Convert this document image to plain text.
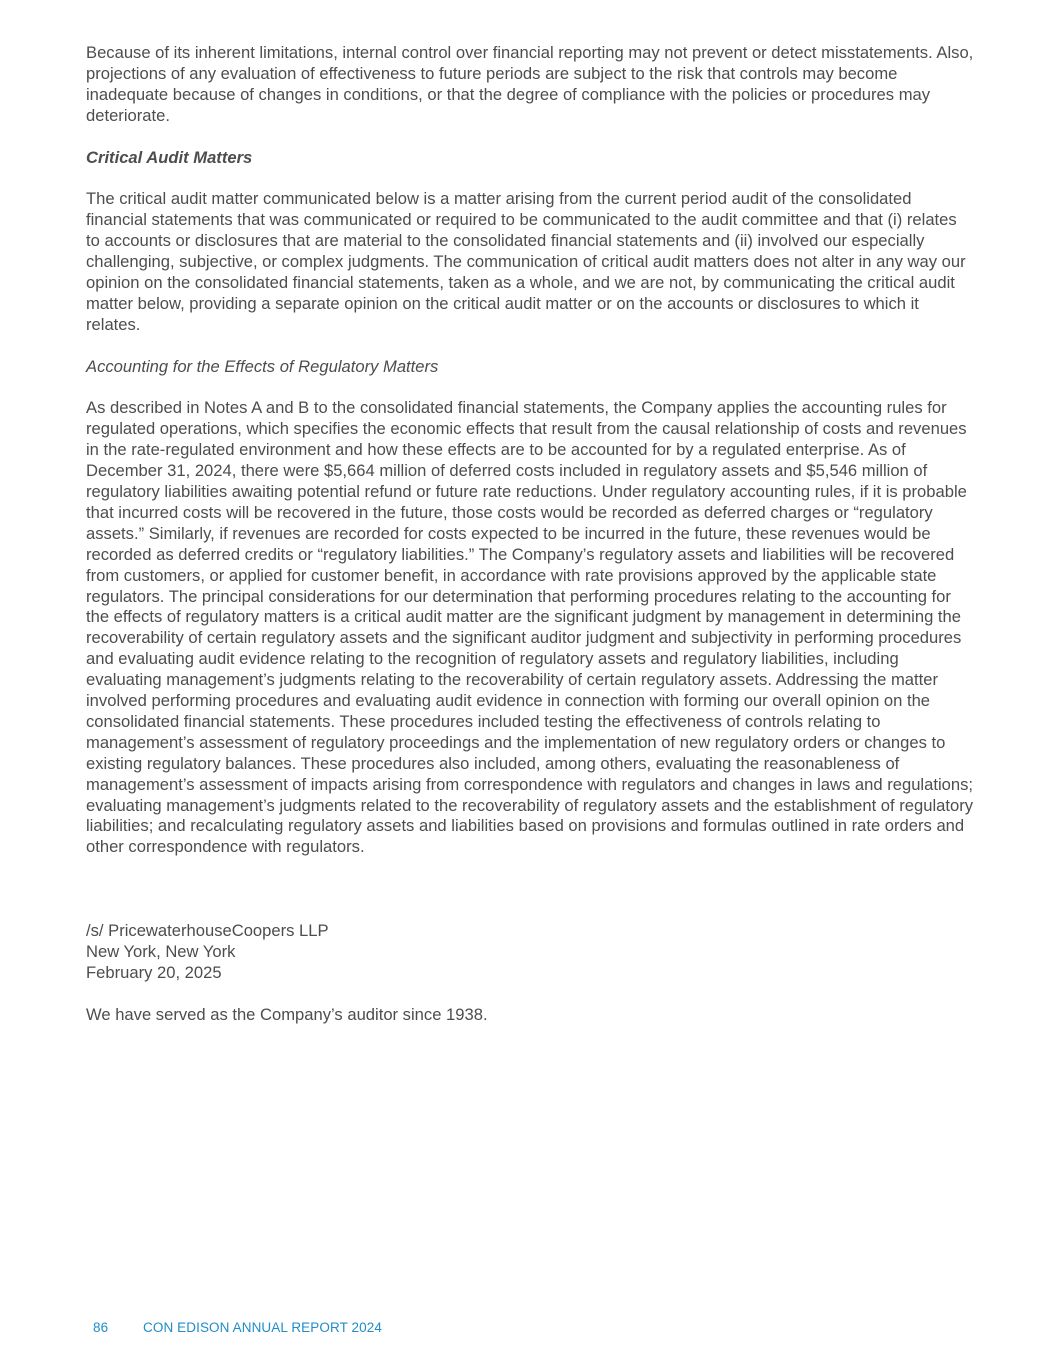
Because of its inherent limitations, internal control over financial reporting may not prevent or detect misstatements. Also, projections of any evaluation of effectiveness to future periods are subject to the risk that controls may become inadequate because of changes in conditions, or that the degree of compliance with the policies or procedures may deteriorate.

Critical Audit Matters

The critical audit matter communicated below is a matter arising from the current period audit of the consolidated financial statements that was communicated or required to be communicated to the audit committee and that (i) relates to accounts or disclosures that are material to the consolidated financial statements and (ii) involved our especially challenging, subjective, or complex judgments. The communication of critical audit matters does not alter in any way our opinion on the consolidated financial statements, taken as a whole, and we are not, by communicating the critical audit matter below, providing a separate opinion on the critical audit matter or on the accounts or disclosures to which it relates.

Accounting for the Effects of Regulatory Matters

As described in Notes A and B to the consolidated financial statements, the Company applies the accounting rules for regulated operations, which specifies the economic effects that result from the causal relationship of costs and revenues in the rate-regulated environment and how these effects are to be accounted for by a regulated enterprise. As of December 31, 2024, there were $5,664 million of deferred costs included in regulatory assets and $5,546 million of regulatory liabilities awaiting potential refund or future rate reductions. Under regulatory accounting rules, if it is probable that incurred costs will be recovered in the future, those costs would be recorded as deferred charges or “regulatory assets.” Similarly, if revenues are recorded for costs expected to be incurred in the future, these revenues would be recorded as deferred credits or “regulatory liabilities.” The Company’s regulatory assets and liabilities will be recovered from customers, or applied for customer benefit, in accordance with rate provisions approved by the applicable state regulators. The principal considerations for our determination that performing procedures relating to the accounting for the effects of regulatory matters is a critical audit matter are the significant judgment by management in determining the recoverability of certain regulatory assets and the significant auditor judgment and subjectivity in performing procedures and evaluating audit evidence relating to the recognition of regulatory assets and regulatory liabilities, including evaluating management’s judgments relating to the recoverability of certain regulatory assets. Addressing the matter involved performing procedures and evaluating audit evidence in connection with forming our overall opinion on the consolidated financial statements. These procedures included testing the effectiveness of controls relating to management’s assessment of regulatory proceedings and the implementation of new regulatory orders or changes to existing regulatory balances. These procedures also included, among others, evaluating the reasonableness of management’s assessment of impacts arising from correspondence with regulators and changes in laws and regulations; evaluating management’s judgments related to the recoverability of regulatory assets and the establishment of regulatory liabilities; and recalculating regulatory assets and liabilities based on provisions and formulas outlined in rate orders and other correspondence with regulators.

/s/ PricewaterhouseCoopers LLP
New York, New York
February 20, 2025

We have served as the Company’s auditor since 1938.

86	CON EDISON ANNUAL REPORT 2024
